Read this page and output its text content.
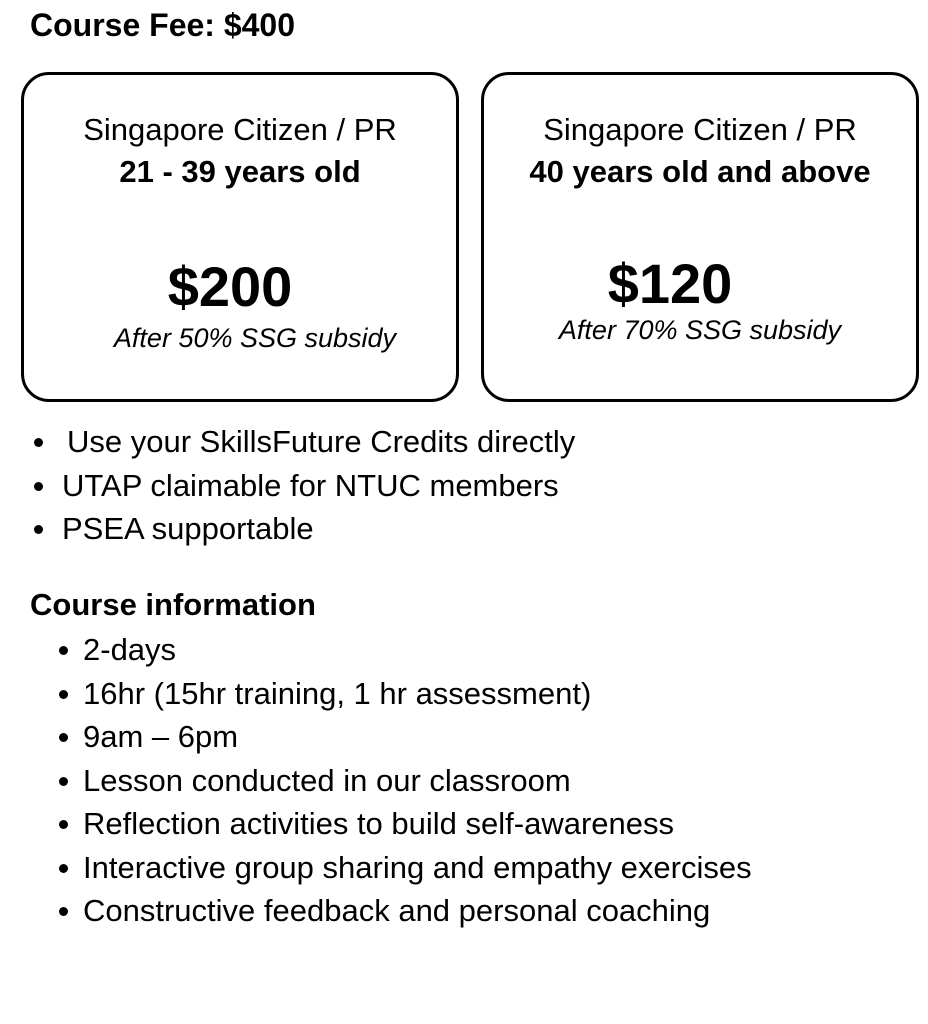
Course Fee: $400
Singapore Citizen / PR
21 - 39 years old
$200
After 50% SSG subsidy
Singapore Citizen / PR
40 years old and above
$120
After 70% SSG subsidy
Use your SkillsFuture Credits directly
UTAP claimable for NTUC members
PSEA supportable
Course information
2-days
16hr (15hr training, 1 hr assessment)
9am – 6pm
Lesson conducted in our classroom
Reflection activities to build self-awareness
Interactive group sharing and empathy exercises
Constructive feedback and personal coaching
